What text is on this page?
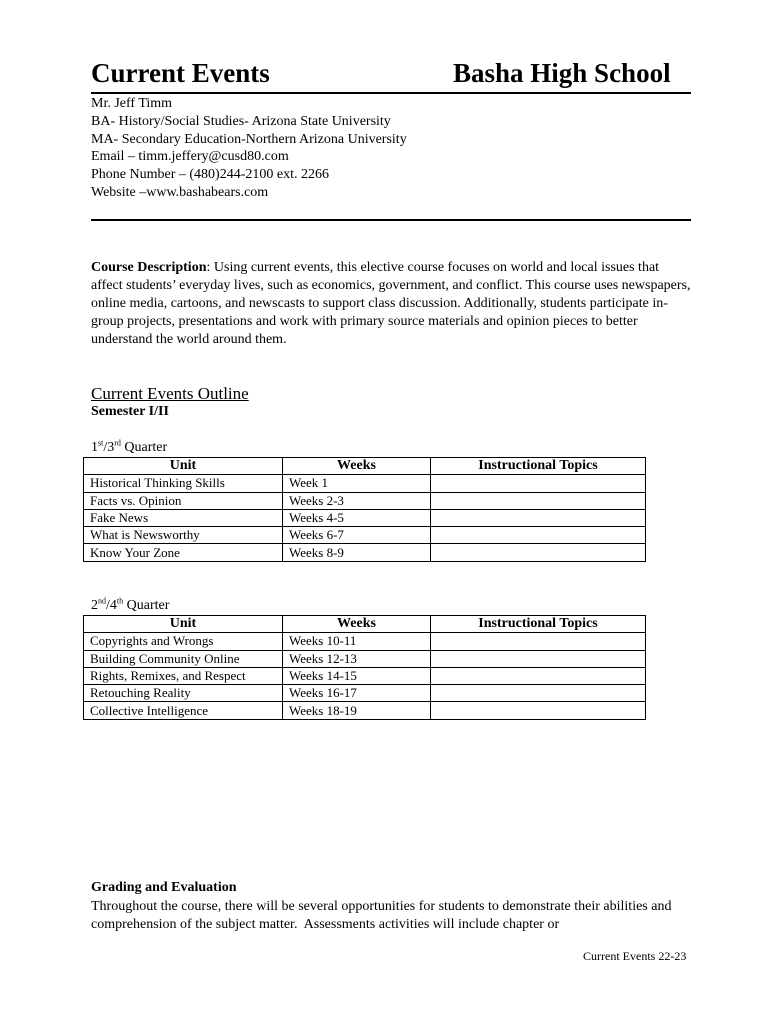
Current Events	Basha High School
Mr. Jeff Timm
BA- History/Social Studies- Arizona State University
MA- Secondary Education-Northern Arizona University
Email – timm.jeffery@cusd80.com
Phone Number – (480)244-2100 ext. 2266
Website –www.bashabears.com
Course Description: Using current events, this elective course focuses on world and local issues that affect students’ everyday lives, such as economics, government, and conflict. This course uses newspapers, online media, cartoons, and newscasts to support class discussion. Additionally, students participate in-group projects, presentations and work with primary source materials and opinion pieces to better understand the world around them.
Current Events Outline
Semester I/II
1st/3rd Quarter
Unit	Weeks	Instructional Topics
Historical Thinking Skills	Week 1	
Facts vs. Opinion	Weeks 2-3	
Fake News	Weeks 4-5	
What is Newsworthy	Weeks 6-7	
Know Your Zone	Weeks 8-9	
2nd/4th Quarter
Unit	Weeks	Instructional Topics
Copyrights and Wrongs	Weeks 10-11	
Building Community Online	Weeks 12-13	
Rights, Remixes, and Respect	Weeks 14-15	
Retouching Reality	Weeks 16-17	
Collective Intelligence	Weeks 18-19	
Grading and Evaluation
Throughout the course, there will be several opportunities for students to demonstrate their abilities and comprehension of the subject matter.  Assessments activities will include chapter or
Current Events 22-23
